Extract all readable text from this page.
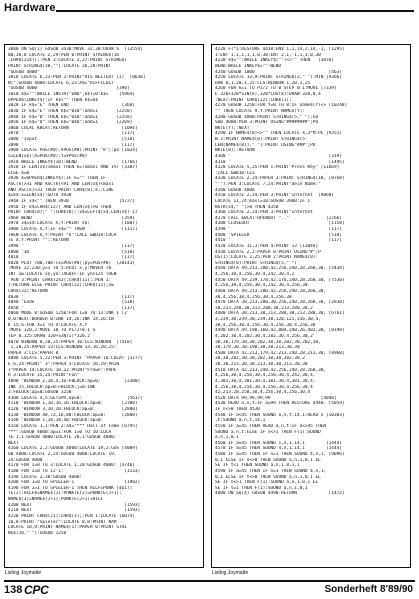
Hardware
3800 ON SQ(1) GOSUB 3430:MOVE 32,30:DRAW 6  [13554]
00,30,0 LOCATE 2,29:PEN 0:PRINT STRING$(16
,CHR$(214));:PEN 3:LOCATE 2,27:PRINT STRING$(
PRINT STRING$(38,""):LOCATE 26,28:PRINT
"GUSUB 4800"
3810 LOCATE 6,23:PEN 3:PRINT"HIS WEITER? (J/  [8630]
N)":GOSUB 4000:LOCATE 6,23:A$="DIFFICULT
"GOSUB 4000                              [390]
3810 k$="":WHILE INSTR("END",k$)=0:k$=    [5964]
UPPER$(INKEY$):IF k$<"" THEN k$=k$
3820 IF k$="E" THEN END                    [360]
3830 IF k$="E" THEN k$="010":add=1       [2250]
3840 IF k$="D" THEN k$="010":add=1       [2258]
3850 IF k$="D" THEN k$="040":add=1       [2269]
3860 LOCAL KBCAT:RETURN                    [1094]
3870 '                                     [117]
3880 'Input                                [518]
3890 '                                     [117]
3900 LOCATE POS(#0),VPOS(#0):PRINT "k";:po [1024]
s=LEN(x$):X=POS(#0):Y=VPOS(#0)
3910 WHILE INKEY$(18):WEND                 [1766]
3920 IF LEN(x$)>maxi THEN k=(xmaxi AND 1%) [3387]
ELSE k=0
3930 k=UPPER$(INKEY$):IF k="" THEN IF
ASC(k)>31 AND ASC(k)<91 AND LEN(x$)<maxl
AND ASC(k)>31 THEN PRINT CHR$(8);k;:LINE
$=k$:x=LEN(x$):GOTO 3930
3940 IF x$<"" THEN 3930                   [5727]
3950 IF k$=CHR$(127) AND LEN(x$)>0 THEN
PRINT CHR$(8);" ";CHR$(8);:x$=LEFT$(x$,LEN(x$)-1)
3960 WEND                                  [359]
3970 x$=x$:LOCATE X,Y:PRINT x$;            [1087]
3980 LOCATE X,Y:IF x$="" THEN              [1117]
THEN LOCATE X,Y:PRINT "k":CALL &BD19:LOCA
TE X,Y:PRINT "";:RETURN
3990 '                                     [117]
4000 '3D                                   [518]
4010 '                                     [117]
4020 PLOT 700,700:lx=POS(#0):py=POS(#0)  [20143]
:MOVE 22,230:y=1 TO 5:PLOT x,y:MOVER 70
INT x&:LOCATE xn,yn:TAGOFF:IF yn>125 THEN
PEN 3:PRINT CHR$(243);CHR$(11);:PEN 1:
):RETURN ELSE PRINT CHR$(22);CHR$(11);x&
CHR$(22):RETURN
4030 '                                     [117]
4040 'Ende                                 [518]
4050 '                                     [117]
4060 MODE 0:GOSUB 1250:FOR I=0 TO 13:INK I [2
0,0:NEXT:BORDER 0:INK 14,26:INK 14,26:IN
K 15,6:FOR X=1 TO 4:LOCATE X,Y
:MOVE 320,2:MOVE 10 TO PI/2+0.1 S
TEP 0.125:DRAW 320+SIN(I)*320,2
4070 WINDOW 8,20,25:PAPER 10:CLS:WINDOW  [7410]
1,20,25:PAPER 13:CLS:WINDOW 13,16,20,25:
PAPER 3:CLS:PAPER 0
4080 LOCATE 5,22:PEN 3:PRINT "PAPER 10:LOCAT [3777]
E 6,24:PRINT" 3":PAPER 3:LOCATE 10,19:PRIN
T"PAPER 14:LOCATE 10,22:PRINT"Frown":PAPE
R 3:LOCATE 15,24:PRINT"Fun"
4090 'WINDOW 2,10,4,16:FBLOCK:ap=0:         [2300]
INK 15,FBLOCK:ap=0:FBLOCK:j=0:INK
3:FBLOCK:ap=0:GOSUB 3250
4100 LOCATE 4,5:GETSPR,ap=0:                 [5617]
4110 'WINDOW 1,10,16,16:FBLOCK:ap=0:       [2300]
4120 'WINDOW 3,10,20:FBLOCK:ap=0:          [2800]
4130 'WINDOW 48,72,16,80:FBLOCK:ap=0:      [2800]
4140 'WINDOW 1,10,18,40:FBLOCK:ap=0:
4150 LOCATE 1,1:PEN 2:a$="*** Hall of Fame [6795]
***":GOSUB 4000:ap=1:FOR I=0 TO 10:LOCA
TE 1,I:GOSUB 4000:LOCATE 20,I:GOSUB 4000:
NEXT
4160 LOCATE 2,2:GOSUB 4000:LOCATE 19,2:GOS [4009]
UB 4000:LOCATE 2,24:GOSUB 4000:LOCATE 19,
24:GOSUB 4000
4170 FOR I=0 TO 3:LOCATE 1,20:GOSUB 4000: [3748]
4180 FOR I=0 TO 12-1:                       [1133]
4190 LOCATE 2,30:GOSUB 4000:
4200 FOR J=0 TO SPIELER-1                   [1982]
4190 FOR J=1 TO SPIELER-1 THEN HILF=PUNK [4617]
TE(J):HILF$=NAME$(J):PUNKTE(J)=PUNKTE(J+1):
NAME$(J)=NAME$(J+1):PUNKTE(J+1)=HILF
4200 NEXT                                   [1593]
4210 NEXT                                   [1593]
4220 PRINT CHR$(21);CHR$(1);:PEN 1:LOCATE [6074]
10,8:PRINT "Spieler":LOCATE 8,8:PRINT NAM
LOCATE 10,9:PRINT NAME$(1):PAPER 0:PRINT STRI
NG$(20," "):GOSUB 1250
4220 F(*1:RESTORE 4410:ENV 1,1,14,2,14,-1, [1295]
1:ENT 1,1,1,1,1,0,30:ENT 2,1,-1,1,1,0,30
4230 k$="":WHILE INKEY$("")<>"" THEN   [3870]
WEND:WHILE INKEY$="":WEND
4240 GOSUB 1000                            [463]
4250 LOCATE 13,9:PRINT STRING$(2," "):MIN [9366]
DOW 0,1,20,1,25:CLS:WINDOW 1,20,1,25
4260 FOR k=1 TO PI/2 TO 0 STEP 0.1:MOVE [7339]
E 320+320*SIN(k),320*COS(k):DRAW 320,0,4
:NEXT:PRINT CHR$(22);CHR$(1);
4270 GOSUB 1250:FOR Y=0 TO 8:IF name$(Y)<> [10248]
"" THEN LOCATE 9,Y:PRINT NAME$(Y):
4280 GOSUB 4000:PRINT STRING$(5," ");GO
SUB 4000:PEN 3:PRINT USING"########";PU
NKTE(Y);:NEXT
4290 IF NAME$(0)<>"" THEN LOCATE 4,3*M:PE [9351]
N 3:PRINT NAME$(0):PRINT STRING$(5-
LEN(NAME$(0))," "):PRINT USING"###";PU
NKTE(0);:RETURN
4300 '                                     [319]
4310 '                                     [1495]
4320 LOCATE 5,25:PEN 1:PRINT"Press Key" [11669]
:CALL &BB18:CLS
4330 LOCATE 2,24:PAPER 3:PRINT STRING$(18, [8768]
" "):PEN 3:LOCATE 7,24:PRINT"Dein Name:"
4340 GOSUB 4000
4350 LOCATE 2,24:PEN 3:PRINT"Internet  [9868]
LOCATE 11,24:maxl=10:GOSUB 3900:IF I
NSTR(x$," ")>0 THEN 4350
4360 LOCATE 2,24:PEN 3:PRINT"Internet
4370 CALL &BCA7:OPENOUT ".."              [2766]
4380 CLOSEOUT                              [1158]
4390 '                                     [117]
4400 'SPIELER                              [518]
4410 '                                     [117]
4420 LOCATE 11,3:PEN 4:PRINT 13 [13844]
4430 LOCATE 2,2:PAPER 0:PRINT USING"#";P
OS(1):LOCATE 2,25:PEN 2:PRINT NAME$(0):
STRING$(0):PRINT STRING$(5," ")
4440 DATA 49,213,280,42,256,240,28,268,30, [5434]
4,256,30,4,256,30,4,242,30,4,2
4450 DATA 49,239,178,42,176,240,28,268,30, [7530]
4,256,30,4,256,30,4,242,30,4,256,30
4460 DATA 49,213,280,42,256,240,28,268,30,
30,4,256,30,4,256,30,4,256,30
4470 DATA 30,213,280,30,256,240,28,268,30, [2830]
30,213,240,30,213,280,30,213,280,30,2
4480 DATA 30,213,30,213,280,30,213,280,30, [6761]
3,239,30,239,30,239,30,120,121,316,30,4,
30,4,256,30,4,256,30,4,256,30,4,256,30
4490 DATA 49,190,160,42,804,240,26,402,30, [8190]
4,202,30,4,202,30,4,202,30,4,256,30,2
30,30,179,30,30,202,30,30,202,30,202,30,
30,179,30,30,190,30,30,213,30,30
4500 DATA 42,213,179,42,213,240,28,213,30, [8960]
30,30,202,30,30,202,30,30,202,30,2
30,30,213,30,30,213,30,30,213,30,30
4510 DATA 42,213,240,42,256,240,28,268,30,
4,256,30,4,256,30,4,256,30,4,242,30,4,
4,301,30,4,301,30,4,301,30,4,301,30,4,
4,256,30,4,256,30,4,256,30,4,256,30,4
42,213,28,258,30,4,256,30,4,256,30,4
4520 DATA 99,99,99,99                   [4048]
4530 READ a,n,t:IF a=99 THEN RESTORE 4440: [5059]
IF n<>0 THEN 4530
4540 IF a<45 THEN SOUND a,n,t,14,1:READ n [10303]
,t:SOUND a,n,t,14,1
4550 IF a=45 THEN READ a,n,t:IF a<>45 THEN
SOUND a,n,t:ELSE IF n<>1 THEN F(1):SOUND
a,n,1,0,1
4560 IF a=45 THEN SOUND 1,n,1,14,1        [1444]
4570 IF a=45 THEN SOUND 4,n,1,14,1        [1444]
4580 IF a=45 THEN IF n=1 THEN SOUND 4,n,1, [9096]
0,1 ELSE IF n<>0 THEN SOUND a,n,1,0,1 EL
SE IF t<1 THEN SOUND a,n,1,0,1,1
4590 IF a=45 THEN IF n=1 THEN SOUND 4,n,1,
0,1 ELSE IF t<>0 THEN SOUND a,n,1,0,1 EL
SE IF n<>1 THEN F(1):SOUND a,n,1,0,1 EL
SE IF t=1 THEN F(1):SOUND a,n,1,0,1
4600 ON SQ(4) GOSUB 4490:RETURN            [1472]
Listing Joymatte	Listing Joymatte
138 CPC	Sonderheft 8'89/90
